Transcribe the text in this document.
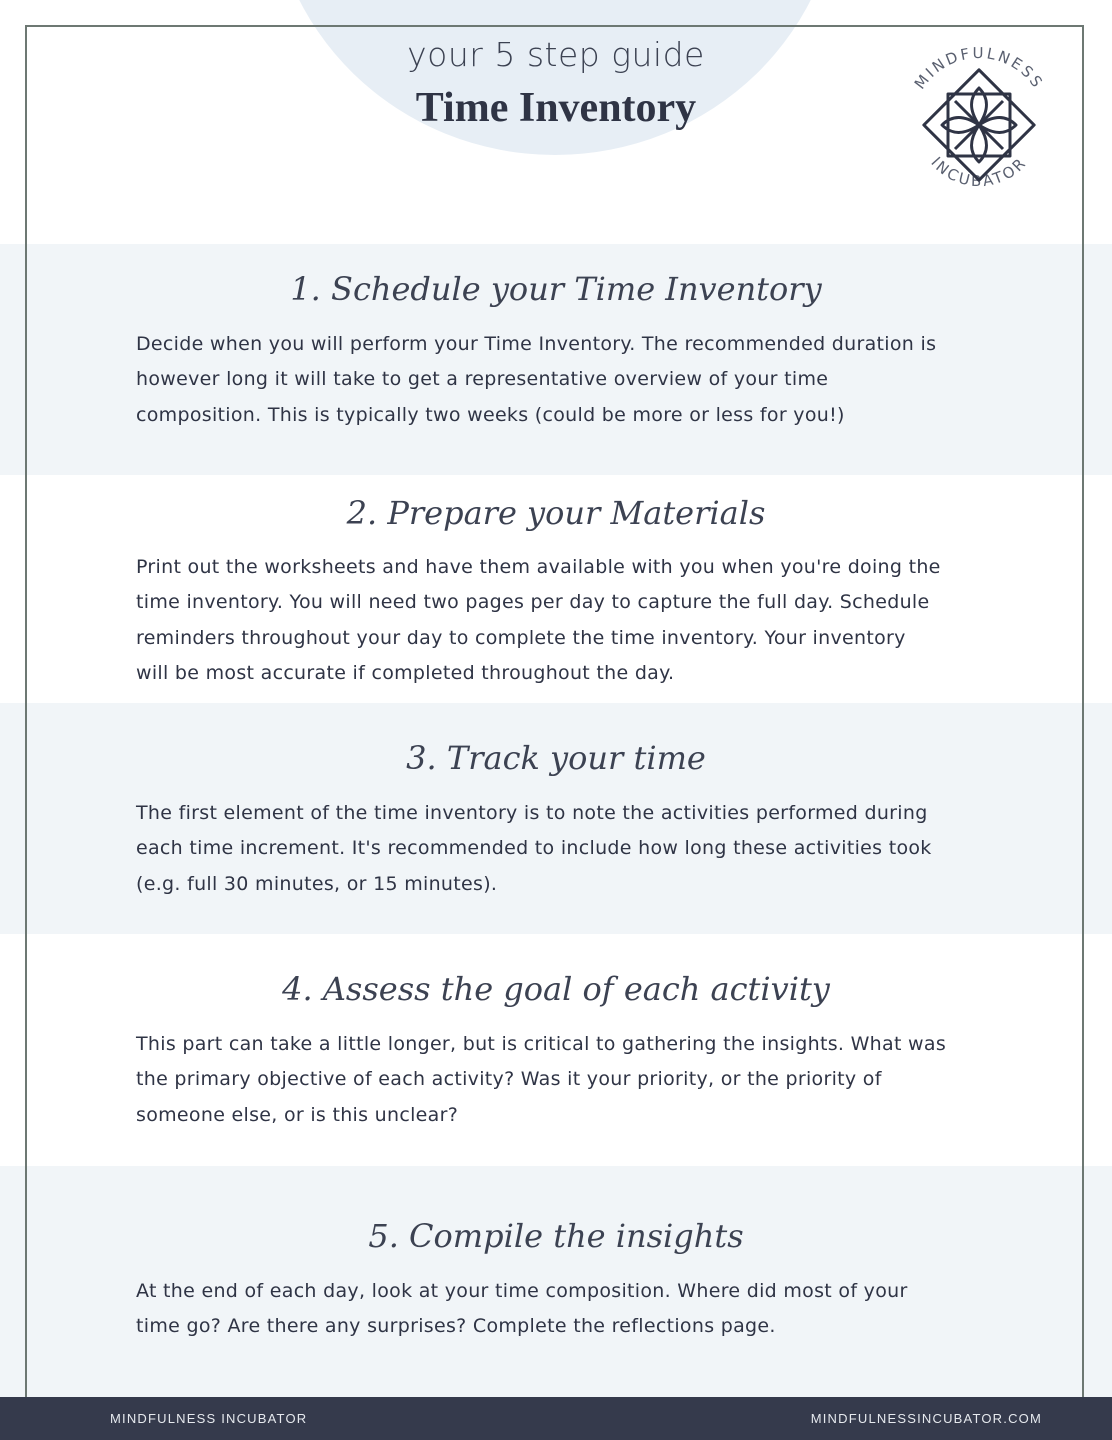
your 5 step guide
Time Inventory
MINDFULNESS
INCUBATOR
1. Schedule your Time Inventory
Decide when you will perform your Time Inventory. The recommended duration is
however long it will take to get a representative overview of your time
composition. This is typically two weeks (could be more or less for you!)
2. Prepare your Materials
Print out the worksheets and have them available with you when you're doing the
time inventory. You will need two pages per day to capture the full day. Schedule
reminders throughout your day to complete the time inventory. Your inventory
will be most accurate if completed throughout the day.
3. Track your time
The first element of the time inventory is to note the activities performed during
each time increment. It's recommended to include how long these activities took
(e.g. full 30 minutes, or 15 minutes).
4. Assess the goal of each activity
This part can take a little longer, but is critical to gathering the insights. What was
the primary objective of each activity? Was it your priority, or the priority of
someone else, or is this unclear?
5. Compile the insights
At the end of each day, look at your time composition. Where did most of your
time go? Are there any surprises? Complete the reflections page.
MINDFULNESS INCUBATOR	MINDFULNESSINCUBATOR.COM
